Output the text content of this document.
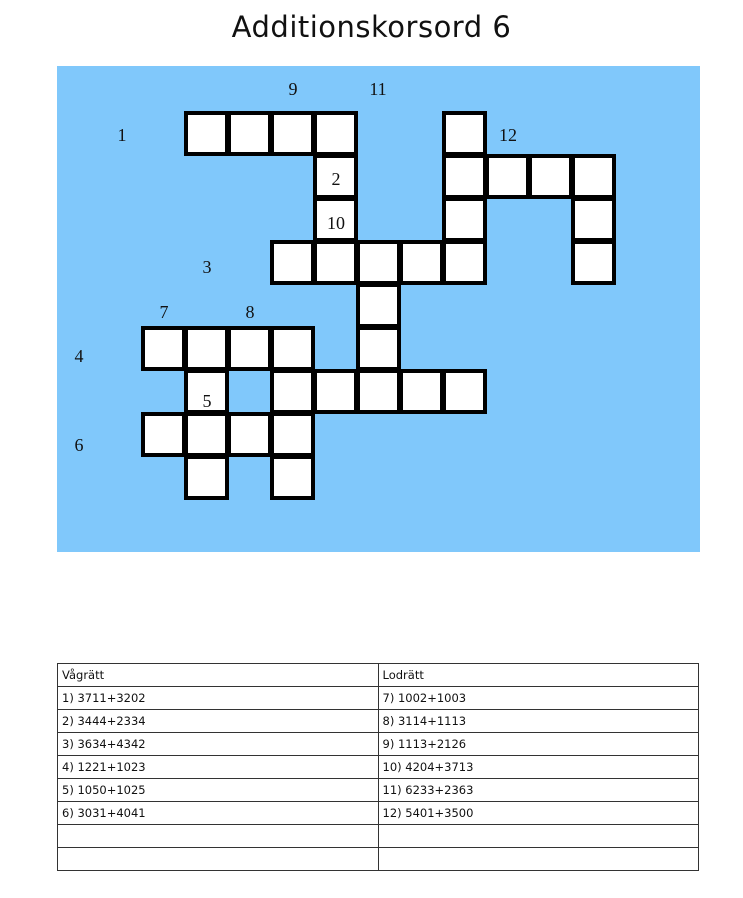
Additionskorsord 6
9	11
1	12
2
10
3
7	8
4
5
6
Vågrätt	Lodrätt
1) 3711+3202	7) 1002+1003
2) 3444+2334	8) 3114+1113
3) 3634+4342	9) 1113+2126
4) 1221+1023	10) 4204+3713
5) 1050+1025	11) 6233+2363
6) 3031+4041	12) 5401+3500
